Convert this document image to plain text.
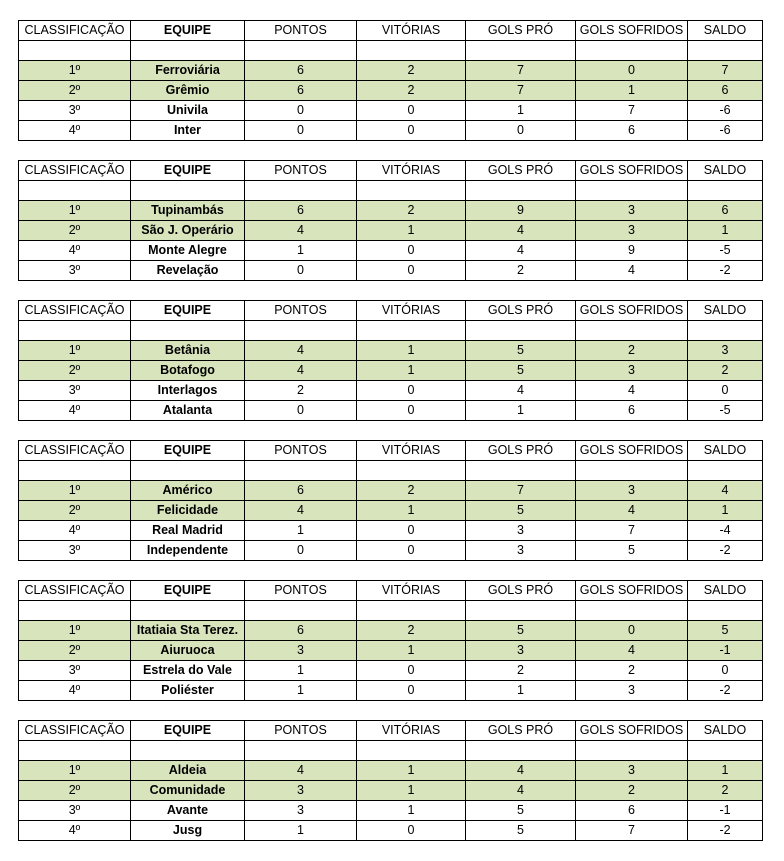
CLASSIFICAÇÃO	EQUIPE	PONTOS	VITÓRIAS	GOLS PRÓ	GOLS SOFRIDOS	SALDO

1º	Ferroviária	6	2	7	0	7
2º	Grêmio	6	2	7	1	6
3º	Univila	0	0	1	7	-6
4º	Inter	0	0	0	6	-6
CLASSIFICAÇÃO	EQUIPE	PONTOS	VITÓRIAS	GOLS PRÓ	GOLS SOFRIDOS	SALDO

1º	Tupinambás	6	2	9	3	6
2º	São J. Operário	4	1	4	3	1
4º	Monte Alegre	1	0	4	9	-5
3º	Revelação	0	0	2	4	-2
CLASSIFICAÇÃO	EQUIPE	PONTOS	VITÓRIAS	GOLS PRÓ	GOLS SOFRIDOS	SALDO

1º	Betânia	4	1	5	2	3
2º	Botafogo	4	1	5	3	2
3º	Interlagos	2	0	4	4	0
4º	Atalanta	0	0	1	6	-5
CLASSIFICAÇÃO	EQUIPE	PONTOS	VITÓRIAS	GOLS PRÓ	GOLS SOFRIDOS	SALDO

1º	Américo	6	2	7	3	4
2º	Felicidade	4	1	5	4	1
4º	Real Madrid	1	0	3	7	-4
3º	Independente	0	0	3	5	-2
CLASSIFICAÇÃO	EQUIPE	PONTOS	VITÓRIAS	GOLS PRÓ	GOLS SOFRIDOS	SALDO

1º	Itatiaia Sta Terez.	6	2	5	0	5
2º	Aiuruoca	3	1	3	4	-1
3º	Estrela do Vale	1	0	2	2	0
4º	Poliéster	1	0	1	3	-2
CLASSIFICAÇÃO	EQUIPE	PONTOS	VITÓRIAS	GOLS PRÓ	GOLS SOFRIDOS	SALDO

1º	Aldeia	4	1	4	3	1
2º	Comunidade	3	1	4	2	2
3º	Avante	3	1	5	6	-1
4º	Jusg	1	0	5	7	-2
